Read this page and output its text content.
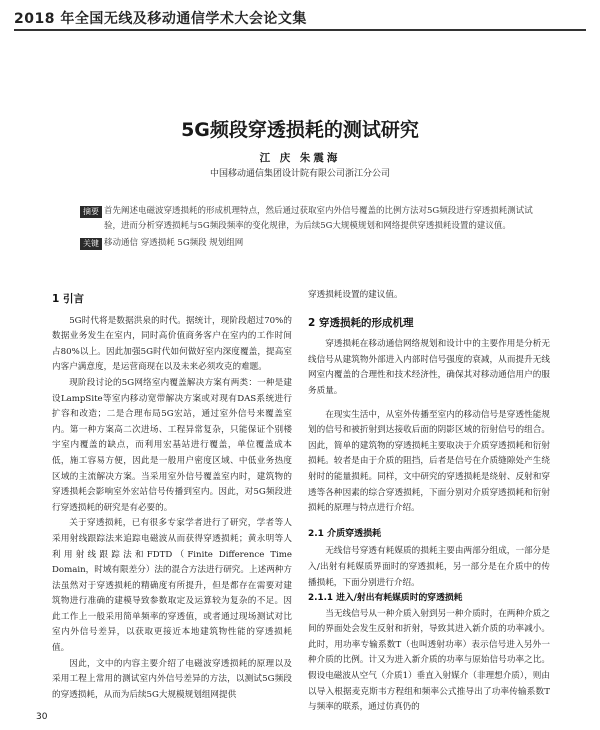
2018 年全国无线及移动通信学术大会论文集
5G频段穿透损耗的测试研究
江 庆 朱震海
中国移动通信集团设计院有限公司浙江分公司
摘要 首先阐述电磁波穿透损耗的形成机理特点，然后通过获取室内外信号覆盖的比例方法对5G频段进行穿透损耗测试试验，进而分析穿透损耗与5G频段频率的变化规律，为后续5G大规模规划和网络提供穿透损耗设置的建议值。
关键词
移动通信 穿透损耗 5G频段 规划组网
1 引言

5G时代将是数据洪泉的时代。据统计，现阶段超过70%的数据业务发生在室内，同时高价值商务客户在室内的工作时间占80%以上。因此加强5G时代如何做好室内深度覆盖，提高室内客户满意度，是运营商现在以及未来必须攻克的难题。

现阶段讨论的5G网络室内覆盖解决方案有两类：一种是建设LampSite等室内移动宽带解决方案或对现有DAS系统进行扩容和改造；二是合理布局5G宏站，通过室外信号来覆盖室内。第一种方案高二次进场、工程异常复杂，只能保证个别楼宇室内覆盖的缺点，而利用宏基站进行覆盖，单位覆盖成本低，施工容易方便，因此是一般用户密度区域、中低业务热度区域的主流解决方案。当采用室外信号覆盖室内时，建筑物的穿透损耗会影响室外宏站信号传播到室内。因此，对5G频段进行穿透损耗的研究是有必要的。

关于穿透损耗，已有很多专家学者进行了研究，学者等人采用射线跟踪法来追踪电磁波从而获得穿透损耗；黄永明等人利用射线跟踪法和FDTD（Finite Difference Time Domain，时域有限差分）法的混合方法进行研究。上述两种方法虽然对于穿透损耗的精确度有所提升，但是都存在需要对建筑物进行准确的建模导致参数取定及运算较为复杂的不足。因此工作上一般采用简单频率的穿透值，或者通过现场测试对比室内外信号差异，以获取更接近本地建筑物性能的穿透损耗值。

因此，文中的内容主要介绍了电磁波穿透损耗的原理以及采用工程上常用的测试室内外信号差异的方法，以测试5G频段的穿透损耗，从而为后续5G大规模规划组网提供

穿透损耗设置的建议值。

2 穿透损耗的形成机理

穿透损耗在移动通信网络规划和设计中的主要作用是分析无线信号从建筑物外部进入内部时信号强度的衰减，从而提升无线网室内覆盖的合理性和技术经济性，确保其对移动通信用户的服务质量。

在现实生活中，从室外传播至室内的移动信号是穿透性能规划的信号和被折射到达接收后面的阴影区域的衍射信号的组合。因此，简单的建筑物的穿透损耗主要取决于介质穿透损耗和衍射损耗。较者是由于介质的阻挡，后者是信号在介质缝隙处产生绕射时的能量损耗。同样，文中研究的穿透损耗是绕射、反射和穿透等各种因素的综合穿透损耗，下面分别对介质穿透损耗和衍射损耗的原理与特点进行介绍。

2.1 介质穿透损耗

无线信号穿透有耗媒质的损耗主要由两部分组成，一部分是入/出射有耗媒质界面时的穿透损耗，另一部分是在介质中的传播损耗，下面分别进行介绍。

2.1.1 进入/射出有耗媒质时的穿透损耗

当无线信号从一种介质入射到另一种介质时，在两种介质之间的界面处会发生反射和折射，导致其进入新介质的功率减小。此时，用功率专输系数T（也叫透射功率）表示信号进入另外一种介质的比例。计又为进入新介质的功率与原始信号功率之比。假设电磁波从空气（介质1）垂直入射媒介（非理想介质），则由以导入根据麦克斯韦方程组和频率公式推导出了功率传输系数T与频率的联系，通过仿真仍的

30
